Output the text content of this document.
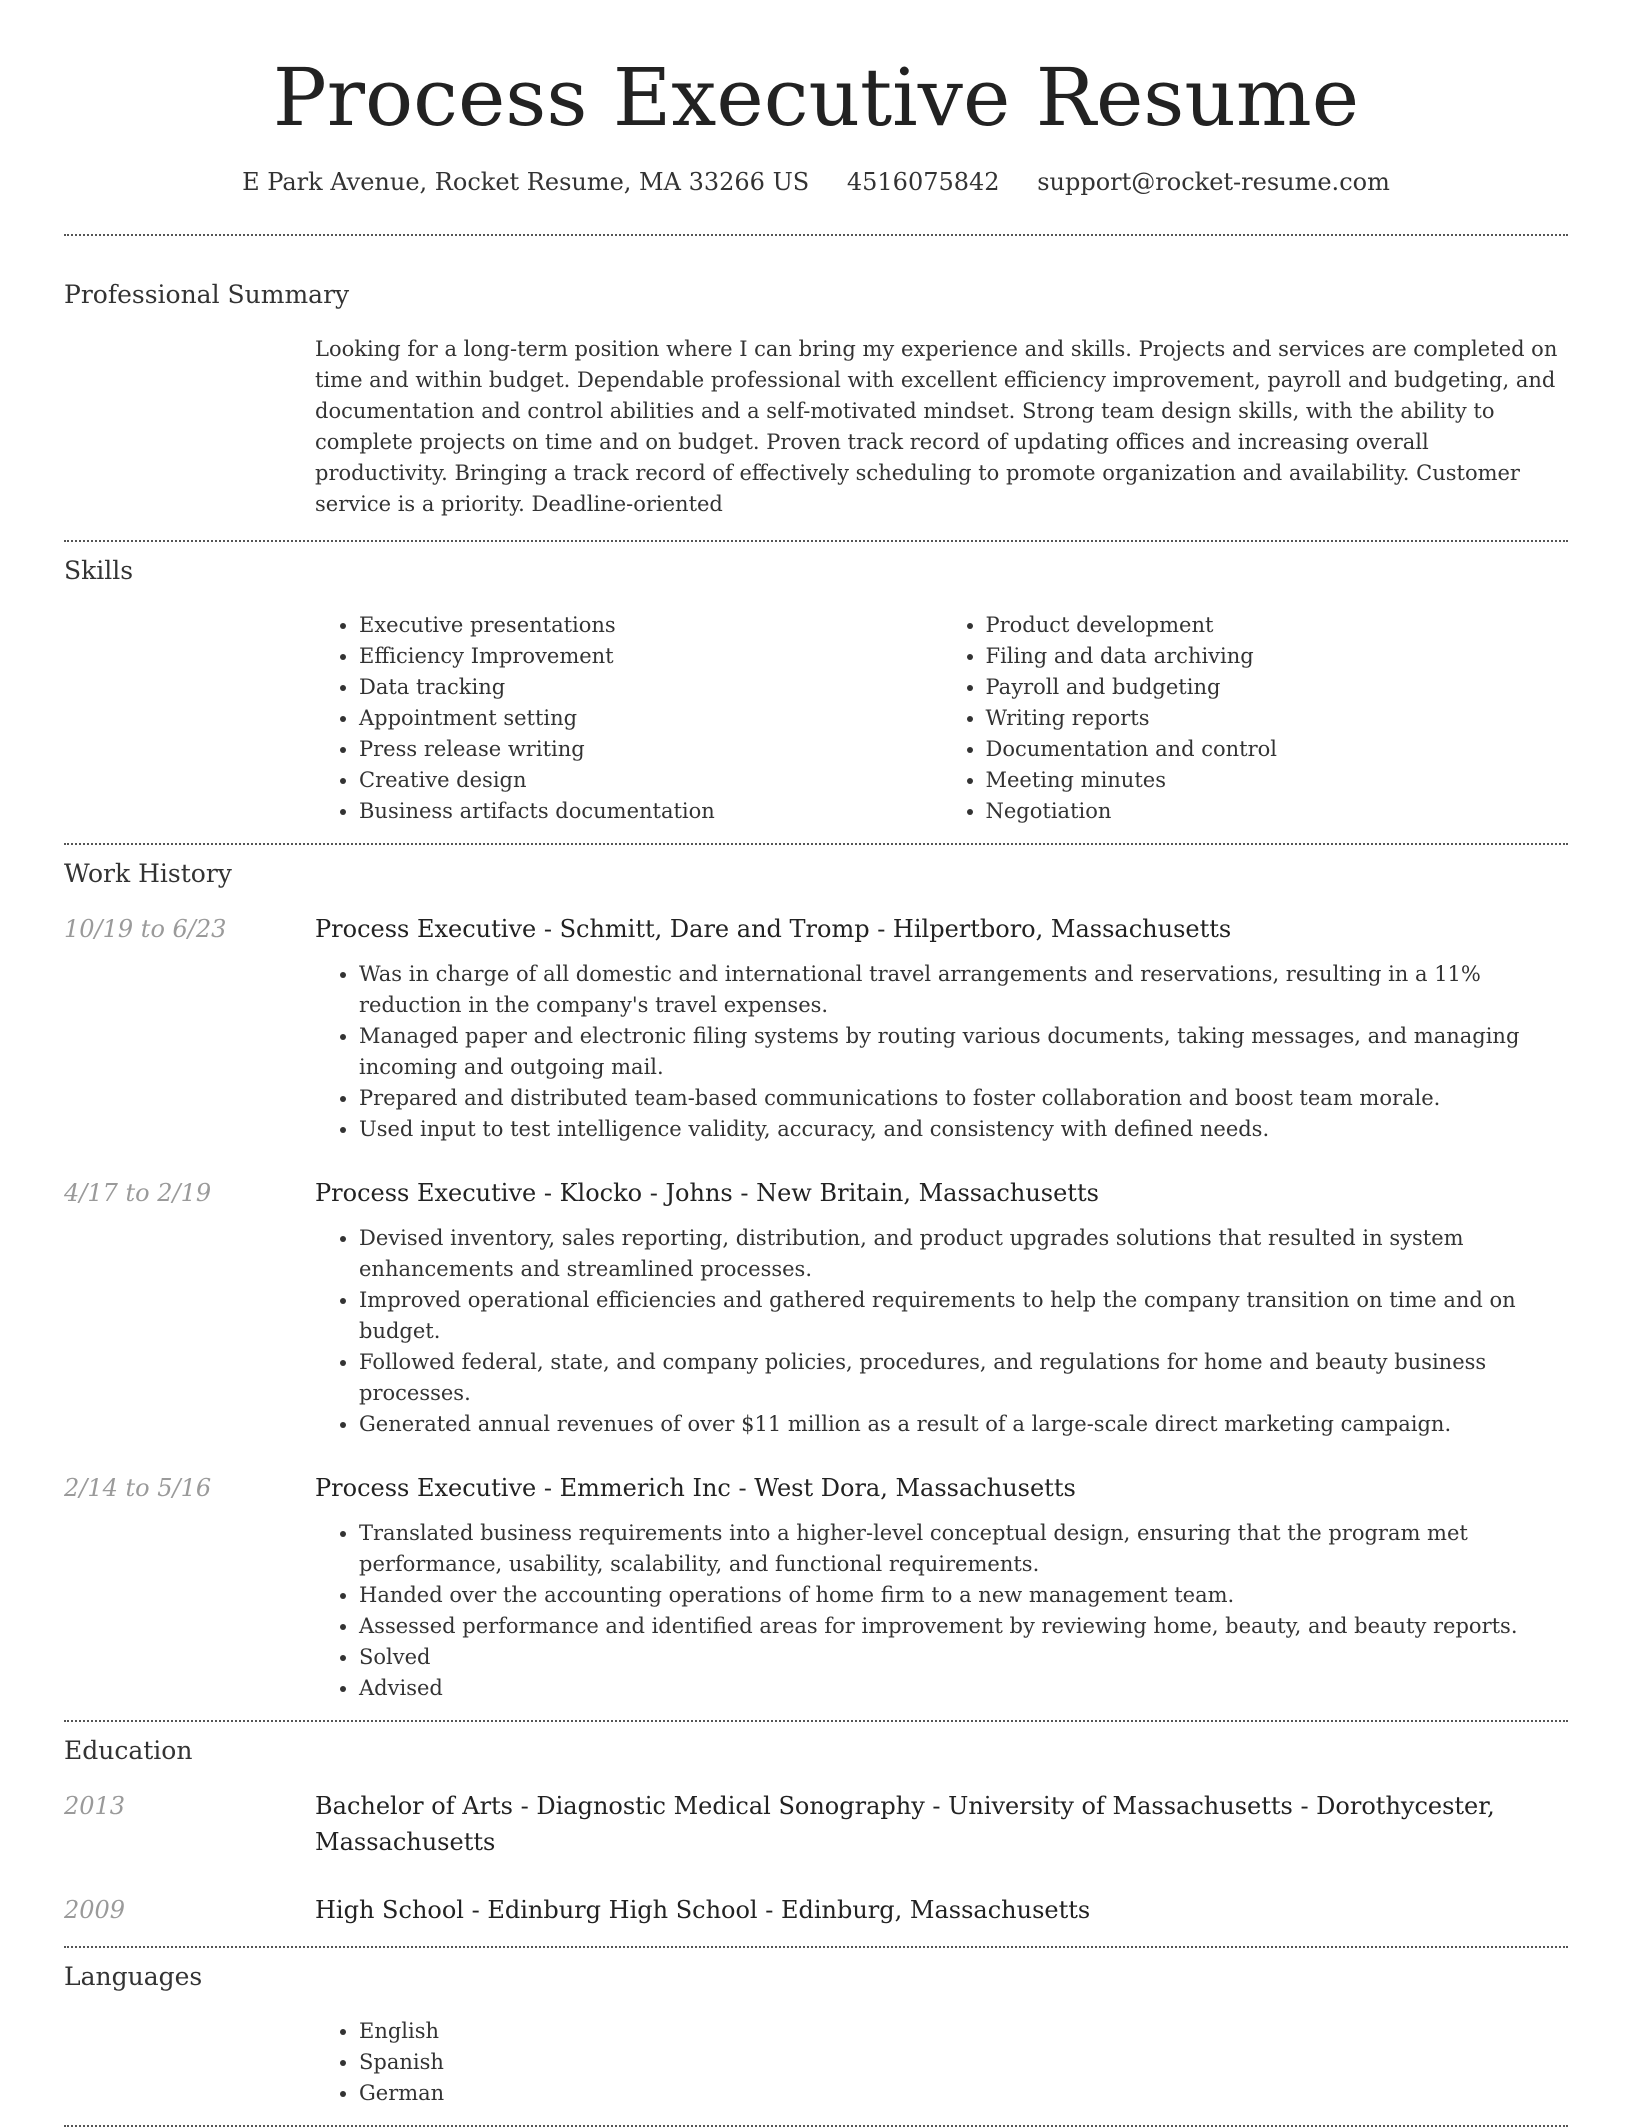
Process Executive Resume
E Park Avenue, Rocket Resume, MA 33266 US 4516075842 support@rocket-resume.com
Professional Summary

Looking for a long-term position where I can bring my experience and skills. Projects and services are completed on time and within budget. Dependable professional with excellent efficiency improvement, payroll and budgeting, and documentation and control abilities and a self-motivated mindset. Strong team design skills, with the ability to complete projects on time and on budget. Proven track record of updating offices and increasing overall productivity. Bringing a track record of effectively scheduling to promote organization and availability. Customer service is a priority. Deadline-oriented

Skills
• Executive presentations
• Efficiency Improvement
• Data tracking
• Appointment setting
• Press release writing
• Creative design
• Business artifacts documentation
• Product development
• Filing and data archiving
• Payroll and budgeting
• Writing reports
• Documentation and control
• Meeting minutes
• Negotiation
Work History
10/19 to 6/23	Process Executive - Schmitt, Dare and Tromp - Hilpertboro, Massachusetts
• Was in charge of all domestic and international travel arrangements and reservations, resulting in a 11% reduction in the company's travel expenses.
• Managed paper and electronic filing systems by routing various documents, taking messages, and managing incoming and outgoing mail.
• Prepared and distributed team-based communications to foster collaboration and boost team morale.
• Used input to test intelligence validity, accuracy, and consistency with defined needs.
4/17 to 2/19	Process Executive - Klocko - Johns - New Britain, Massachusetts
• Devised inventory, sales reporting, distribution, and product upgrades solutions that resulted in system enhancements and streamlined processes.
• Improved operational efficiencies and gathered requirements to help the company transition on time and on budget.
• Followed federal, state, and company policies, procedures, and regulations for home and beauty business processes.
• Generated annual revenues of over $11 million as a result of a large-scale direct marketing campaign.
2/14 to 5/16	Process Executive - Emmerich Inc - West Dora, Massachusetts
• Translated business requirements into a higher-level conceptual design, ensuring that the program met performance, usability, scalability, and functional requirements.
• Handed over the accounting operations of home firm to a new management team.
• Assessed performance and identified areas for improvement by reviewing home, beauty, and beauty reports.
• Solved
• Advised
Education
2013	Bachelor of Arts - Diagnostic Medical Sonography - University of Massachusetts - Dorothycester, Massachusetts
2009	High School - Edinburg High School - Edinburg, Massachusetts
Languages
• English
• Spanish
• German
